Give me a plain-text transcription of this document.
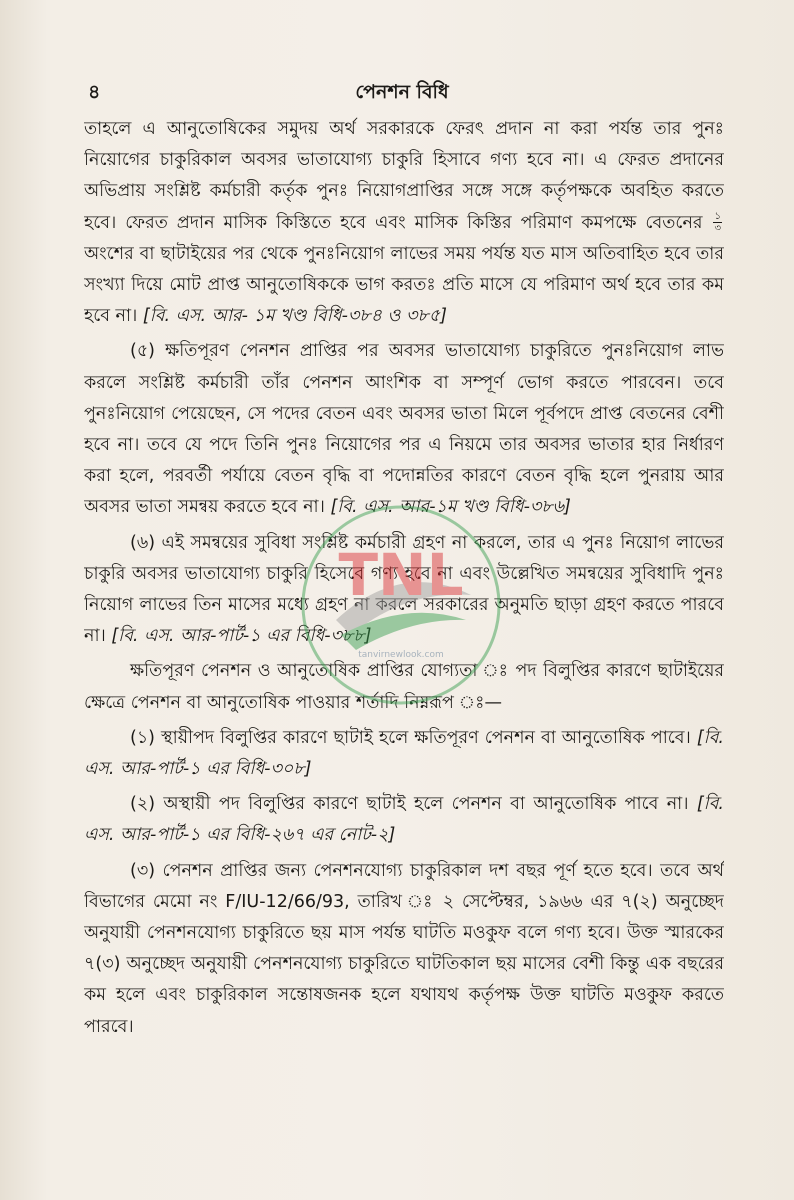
৪	পেনশন বিধি

তাহলে এ আনুতোষিকের সমুদয় অর্থ সরকারকে ফেরৎ প্রদান না করা পর্যন্ত তার পুনঃ নিয়োগের চাকুরিকাল অবসর ভাতাযোগ্য চাকুরি হিসাবে গণ্য হবে না। এ ফেরত প্রদানের অভিপ্রায় সংশ্লিষ্ট কর্মচারী কর্তৃক পুনঃ নিয়োগপ্রাপ্তির সঙ্গে সঙ্গে কর্তৃপক্ষকে অবহিত করতে হবে। ফেরত প্রদান মাসিক কিস্তিতে হবে এবং মাসিক কিস্তির পরিমাণ কমপক্ষে বেতনের $\frac{১}{৩}$
অংশের বা ছাটাইয়ের পর থেকে পুনঃনিয়োগ লাভের সময় পর্যন্ত যত মাস অতিবাহিত হবে তার সংখ্যা দিয়ে মোট প্রাপ্ত আনুতোষিককে ভাগ করতঃ প্রতি মাসে যে পরিমাণ অর্থ হবে তার কম হবে না। [বি. এস. আর- ১ম খণ্ড বিধি-৩৮৪ ও ৩৮৫]

(৫) ক্ষতিপূরণ পেনশন প্রাপ্তির পর অবসর ভাতাযোগ্য চাকুরিতে পুনঃনিয়োগ লাভ করলে সংশ্লিষ্ট কর্মচারী তাঁর পেনশন আংশিক বা সম্পূর্ণ ভোগ করতে পারবেন। তবে পুনঃনিয়োগ পেয়েছেন, সে পদের বেতন এবং অবসর ভাতা মিলে পূর্বপদে প্রাপ্ত বেতনের বেশী হবে না। তবে যে পদে তিনি পুনঃ নিয়োগের পর এ নিয়মে তার অবসর ভাতার হার নির্ধারণ করা হলে, পরবর্তী পর্যায়ে বেতন বৃদ্ধি বা পদোন্নতির কারণে বেতন বৃদ্ধি হলে পুনরায় আর অবসর ভাতা সমন্বয় করতে হবে না। [বি. এস. আর-১ম খণ্ড বিধি-৩৮৬]

(৬) এই সমন্বয়ের সুবিধা সংশ্লিষ্ট কর্মচারী গ্রহণ না করলে, তার এ পুনঃ নিয়োগ লাভের চাকুরি অবসর ভাতাযোগ্য চাকুরি হিসেবে গণ্য হবে না এবং উল্লেখিত সমন্বয়ের সুবিধাদি পুনঃ নিয়োগ লাভের তিন মাসের মধ্যে গ্রহণ না করলে সরকারের অনুমতি ছাড়া গ্রহণ করতে পারবে না। [বি. এস. আর-পার্ট-১ এর বিধি-৩৮৮]

ক্ষতিপূরণ পেনশন ও আনুতোষিক প্রাপ্তির যোগ্যতা ঃ পদ বিলুপ্তির কারণে ছাটাইয়ের ক্ষেত্রে পেনশন বা আনুতোষিক পাওয়ার শর্তাদি নিম্নরূপ ঃ—

(১) স্থায়ীপদ বিলুপ্তির কারণে ছাটাই হলে ক্ষতিপূরণ পেনশন বা আনুতোষিক পাবে। [বি. এস. আর-পার্ট-১ এর বিধি-৩০৮]

(২) অস্থায়ী পদ বিলুপ্তির কারণে ছাটাই হলে পেনশন বা আনুতোষিক পাবে না। [বি. এস. আর-পার্ট-১ এর বিধি-২৬৭ এর নোট-২]

(৩) পেনশন প্রাপ্তির জন্য পেনশনযোগ্য চাকুরিকাল দশ বছর পূর্ণ হতে হবে। তবে অর্থ বিভাগের মেমো নং F/IU-12/66/93, তারিখ ঃ ২ সেপ্টেম্বর, ১৯৬৬ এর ৭(২) অনুচ্ছেদ অনুযায়ী পেনশনযোগ্য চাকুরিতে ছয় মাস পর্যন্ত ঘাটতি মওকুফ বলে গণ্য হবে। উক্ত স্মারকের ৭(৩) অনুচ্ছেদ অনুযায়ী পেনশনযোগ্য চাকুরিতে ঘাটতিকাল ছয় মাসের বেশী কিন্তু এক বছরের কম হলে এবং চাকুরিকাল সন্তোষজনক হলে যথাযথ কর্তৃপক্ষ উক্ত ঘাটতি মওকুফ করতে পারবে।

TNL
tanvirnewlook.com
